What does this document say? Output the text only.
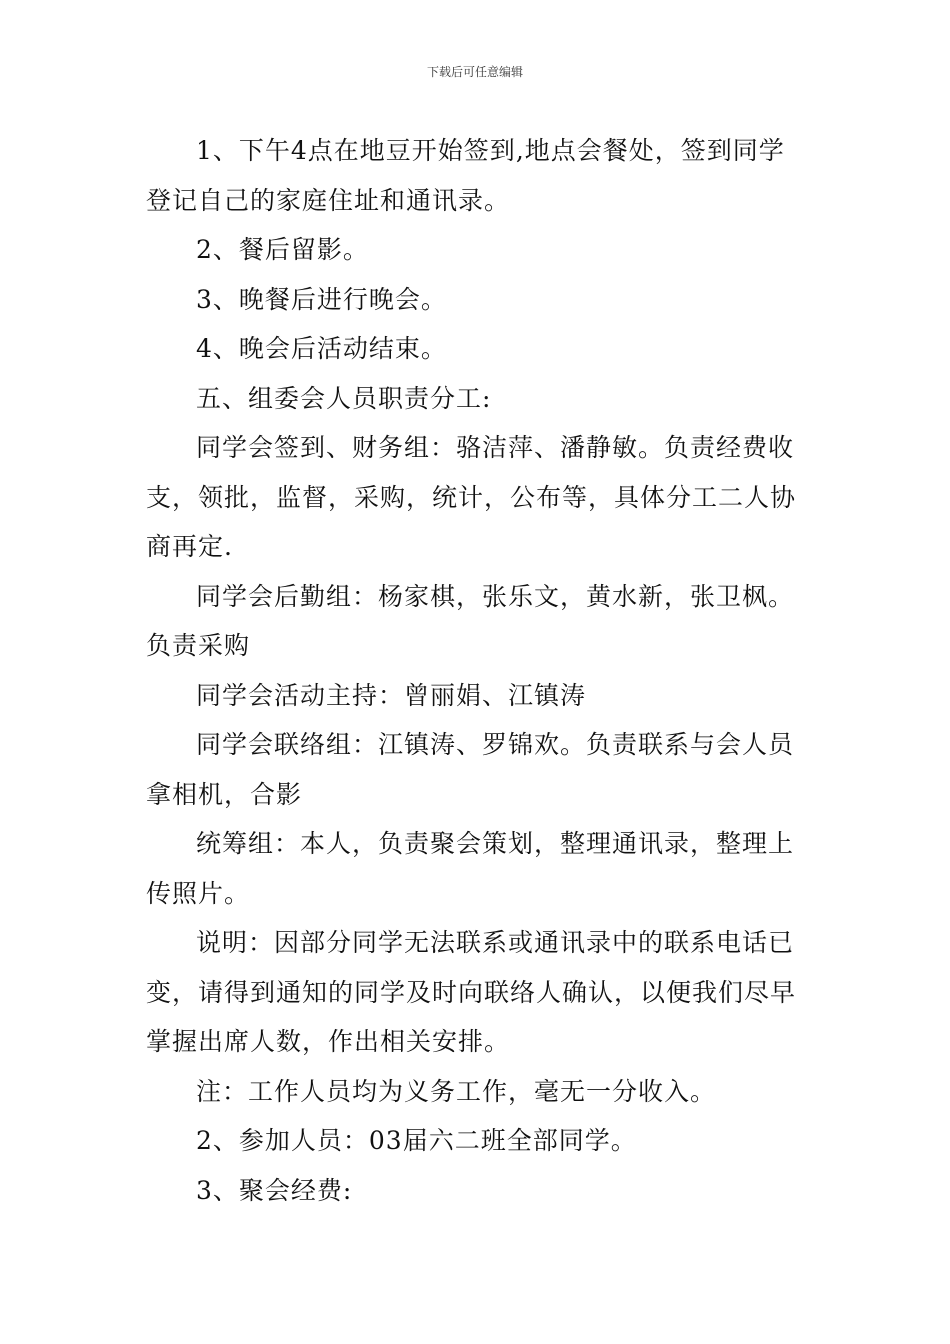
下载后可任意编辑

1、下午4点在地豆开始签到,地点会餐处，签到同学登记自己的家庭住址和通讯录。

2、餐后留影。

3、晚餐后进行晚会。

4、晚会后活动结束。

五、组委会人员职责分工:

同学会签到、财务组：骆洁萍、潘静敏。负责经费收支，领批，监督，采购，统计，公布等，具体分工二人协商再定.

同学会后勤组：杨家棋，张乐文，黄水新，张卫枫。负责采购

同学会活动主持：曾丽娟、江镇涛

同学会联络组：江镇涛、罗锦欢。负责联系与会人员拿相机，合影

统筹组：本人，负责聚会策划，整理通讯录，整理上传照片。

说明：因部分同学无法联系或通讯录中的联系电话已变，请得到通知的同学及时向联络人确认，以便我们尽早掌握出席人数，作出相关安排。

注：工作人员均为义务工作，毫无一分收入。

2、参加人员：03届六二班全部同学。

3、聚会经费:
